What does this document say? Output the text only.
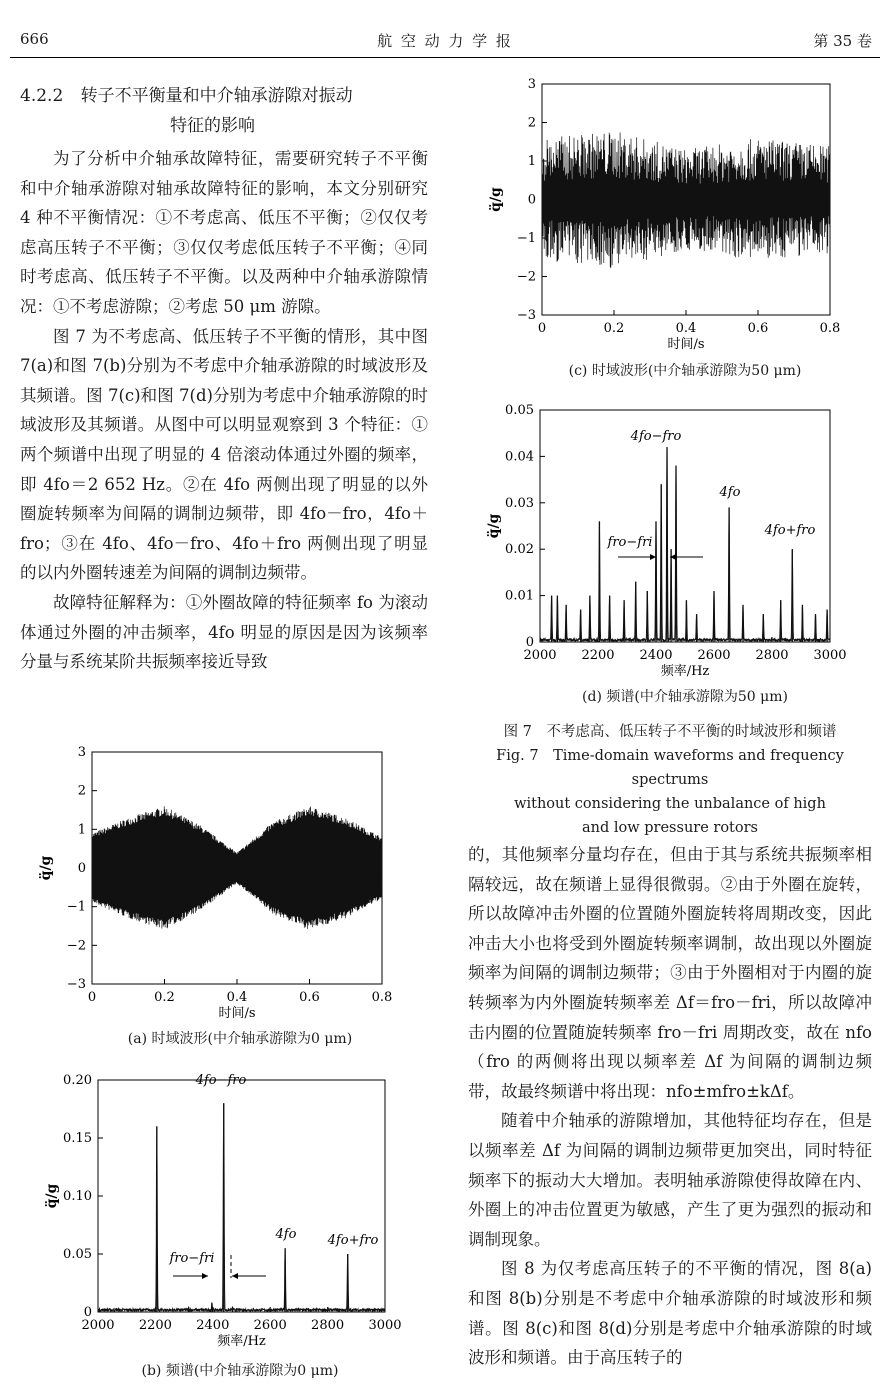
666	航 空 动 力 学 报	第 35 卷
4.2.2 转子不平衡量和中介轴承游隙对振动
特征的影响

为了分析中介轴承故障特征，需要研究转子不平衡和中介轴承游隙对轴承故障特征的影响，本文分别研究 4 种不平衡情况：①不考虑高、低压不平衡；②仅仅考虑高压转子不平衡；③仅仅考虑低压转子不平衡；④同时考虑高、低压转子不平衡。以及两种中介轴承游隙情况：①不考虑游隙；②考虑 50 μm 游隙。

图 7 为不考虑高、低压转子不平衡的情形，其中图 7(a)和图 7(b)分别为不考虑中介轴承游隙的时域波形及其频谱。图 7(c)和图 7(d)分别为考虑中介轴承游隙的时域波形及其频谱。从图中可以明显观察到 3 个特征：①两个频谱中出现了明显的 4 倍滚动体通过外圈的频率，即 4fo＝2 652 Hz。②在 4fo 两侧出现了明显的以外圈旋转频率为间隔的调制边频带，即 4fo－fro，4fo＋fro；③在 4fo、4fo－fro、4fo＋fro 两侧出现了明显的以内外圈转速差为间隔的调制边频带。

故障特征解释为：①外圈故障的特征频率 fo 为滚动体通过外圈的冲击频率，4fo 明显的原因是因为该频率分量与系统某阶共振频率接近导致

0	0.2	0.4	0.6	0.8
3
2
1
0
−1
−2
−3
时间/s
q̈/g
(a) 时域波形(中介轴承游隙为0 μm)
2000 2200 2400 2600 2800 3000
0.20
0.15
0.10
0.05
0
频率/Hz
q̈/g
4fo−fro
4fo 4fo+fro
fro−fri
(b) 频谱(中介轴承游隙为0 μm)
0	0.2	0.4	0.6	0.8
3
2
1
0
−1
−2
−3
时间/s
q̈/g
(c) 时域波形(中介轴承游隙为50 μm)
2000 2200 2400 2600 2800 3000
0.05
0.04
0.03
0.02
0.01
0
频率/Hz
q̈/g
4fo−fro
4fo
4fo+fro
fro−fri
(d) 频谱(中介轴承游隙为50 μm)
图 7　不考虑高、低压转子不平衡的时域波形和频谱
Fig. 7　Time-domain waveforms and frequency spectrums
without considering the unbalance of high
and low pressure rotors

的，其他频率分量均存在，但由于其与系统共振频率相隔较远，故在频谱上显得很微弱。②由于外圈在旋转，所以故障冲击外圈的位置随外圈旋转将周期改变，因此冲击大小也将受到外圈旋转频率调制，故出现以外圈旋频率为间隔的调制边频带；③由于外圈相对于内圈的旋转频率为内外圈旋转频率差 Δf＝fro－fri，所以故障冲击内圈的位置随旋转频率 fro－fri 周期改变，故在 nfo（fro 的两侧将出现以频率差 Δf 为间隔的调制边频带，故最终频谱中将出现：nfo±mfro±kΔf。

随着中介轴承的游隙增加，其他特征均存在，但是以频率差 Δf 为间隔的调制边频带更加突出，同时特征频率下的振动大大增加。表明轴承游隙使得故障在内、外圈上的冲击位置更为敏感，产生了更为强烈的振动和调制现象。

图 8 为仅考虑高压转子的不平衡的情况，图 8(a)和图 8(b)分别是不考虑中介轴承游隙的时域波形和频谱。图 8(c)和图 8(d)分别是考虑中介轴承游隙的时域波形和频谱。由于高压转子的
